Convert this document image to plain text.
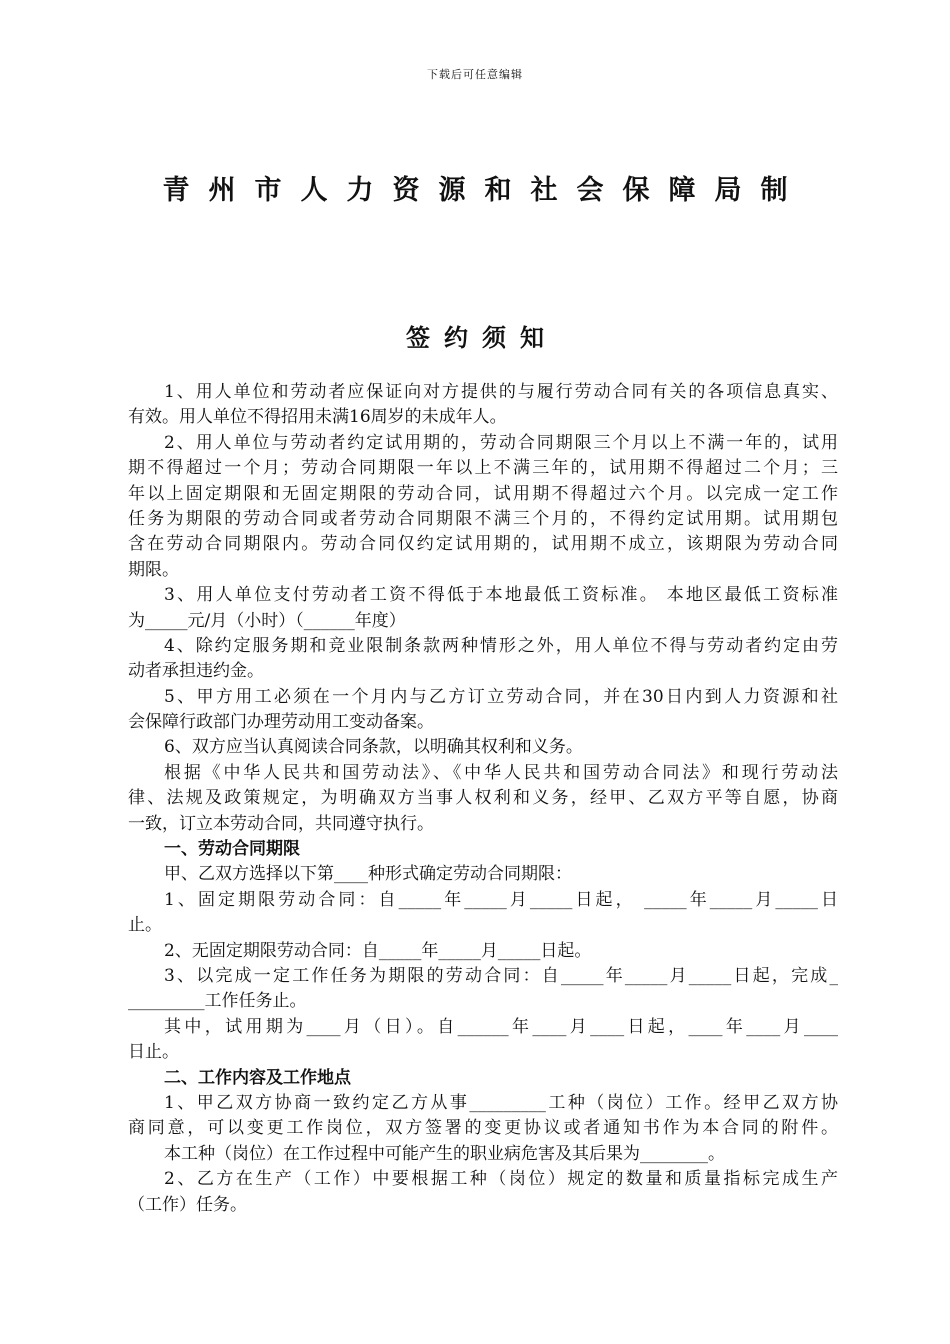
下载后可任意编辑
青州市人力资源和社会保障局制
签约须知
1、用人单位和劳动者应保证向对方提供的与履行劳动合同有关的各项信息真实、
有效。用人单位不得招用未满16周岁的未成年人。
2、用人单位与劳动者约定试用期的，劳动合同期限三个月以上不满一年的，试用
期不得超过一个月；劳动合同期限一年以上不满三年的，试用期不得超过二个月；三
年以上固定期限和无固定期限的劳动合同，试用期不得超过六个月。以完成一定工作
任务为期限的劳动合同或者劳动合同期限不满三个月的，不得约定试用期。试用期包
含在劳动合同期限内。劳动合同仅约定试用期的，试用期不成立，该期限为劳动合同
期限。
3、用人单位支付劳动者工资不得低于本地最低工资标准。 本地区最低工资标准
为_____元/月（小时）（______年度）
4、除约定服务期和竞业限制条款两种情形之外，用人单位不得与劳动者约定由劳
动者承担违约金。
5、甲方用工必须在一个月内与乙方订立劳动合同，并在30日内到人力资源和社
会保障行政部门办理劳动用工变动备案。
6、双方应当认真阅读合同条款，以明确其权利和义务。
根据《中华人民共和国劳动法》、《中华人民共和国劳动合同法》和现行劳动法
律、法规及政策规定，为明确双方当事人权利和义务，经甲、乙双方平等自愿，协商
一致，订立本劳动合同，共同遵守执行。
一、劳动合同期限
甲、乙双方选择以下第____种形式确定劳动合同期限：
1、固定期限劳动合同：自_____年_____月_____日起， _____年_____月_____日
止。
2、无固定期限劳动合同：自_____年_____月_____日起。
3、以完成一定工作任务为期限的劳动合同：自_____年_____月_____日起，完成_
_________工作任务止。
其中，试用期为____月（日）。自______年____月____日起，____年____月____
日止。
二、工作内容及工作地点
1、甲乙双方协商一致约定乙方从事_________工种（岗位）工作。经甲乙双方协
商同意，可以变更工作岗位，双方签署的变更协议或者通知书作为本合同的附件。
本工种（岗位）在工作过程中可能产生的职业病危害及其后果为________。
2、乙方在生产（工作）中要根据工种（岗位）规定的数量和质量指标完成生产
（工作）任务。
